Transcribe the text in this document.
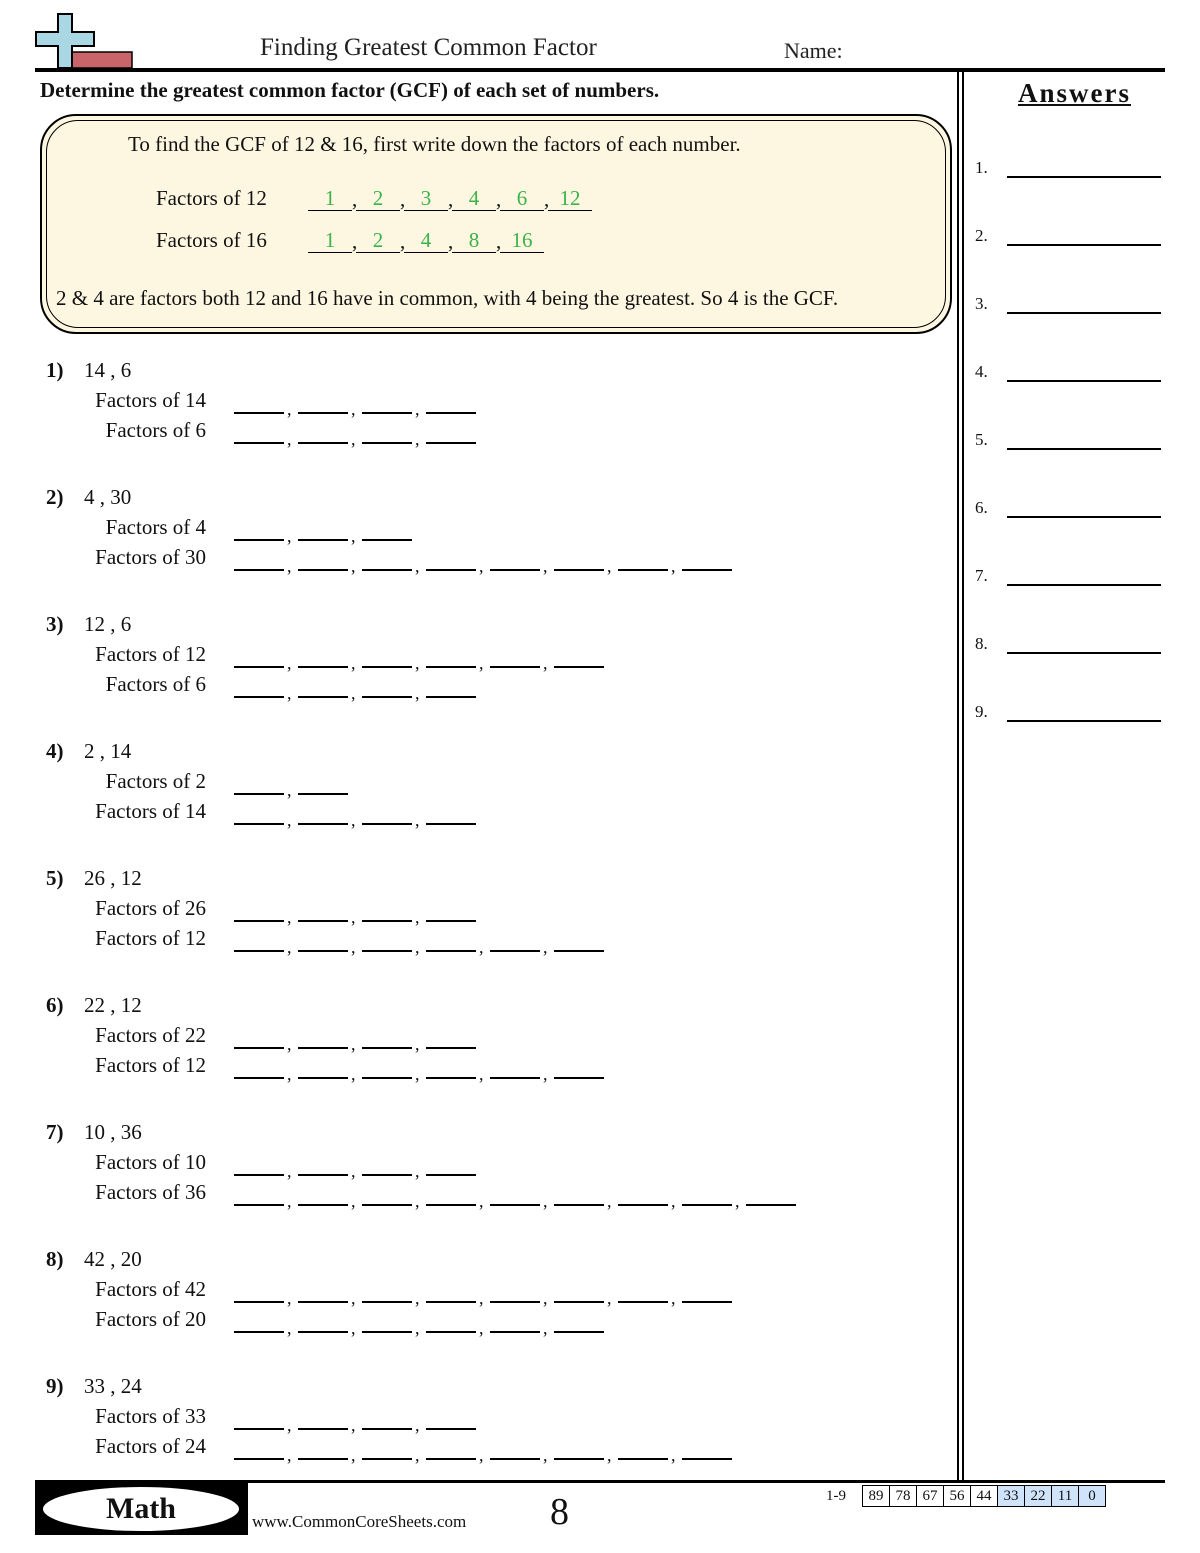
Finding Greatest Common Factor	Name:
Determine the greatest common factor (GCF) of each set of numbers.
To find the GCF of 12 & 16, first write down the factors of each number.
Factors of 12	1 , 2 , 3 , 4 , 6 , 12
Factors of 16	1 , 2 , 4 , 8 , 16
2 & 4 are factors both 12 and 16 have in common, with 4 being the greatest. So 4 is the GCF.
1) 14 , 6
Factors of 14
,
,
,
Factors of 6
,
,
,
2) 4 , 30
Factors of 4
,
,
Factors of 30
,
,
,
,
,
,
,
3) 12 , 6
Factors of 12
,
,
,
,
,
Factors of 6
,
,
,
4) 2 , 14
Factors of 2
,
Factors of 14
,
,
,
5) 26 , 12
Factors of 26
,
,
,
Factors of 12
,
,
,
,
,
6) 22 , 12
Factors of 22
,
,
,
Factors of 12
,
,
,
,
,
7) 10 , 36
Factors of 10
,
,
,
Factors of 36
,
,
,
,
,
,
,
,
8) 42 , 20
Factors of 42
,
,
,
,
,
,
,
Factors of 20
,
,
,
,
,
9) 33 , 24
Factors of 33
,
,
,
Factors of 24
,
,
,
,
,
,
,
Answers
1.
2.
3.
4.
5.
6.
7.
8.
9.
Math	www.CommonCoreSheets.com 8	1-9	89 78 67 56 44 33 22 11	0
